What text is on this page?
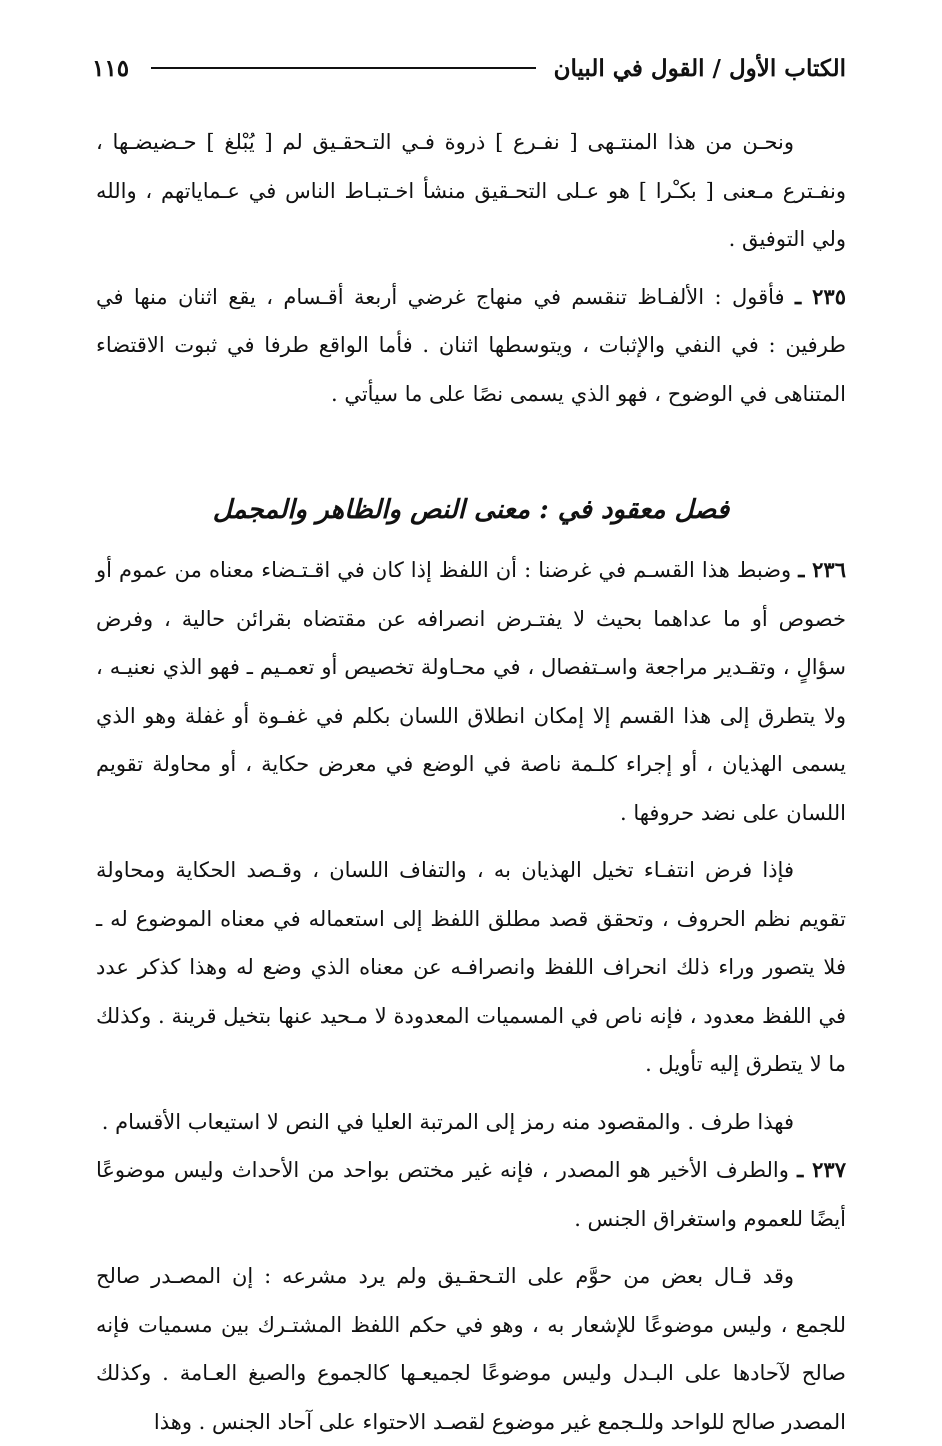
الكتاب الأول / القول في البيان
١١٥

ونحـن من هذا المنتـهى [ نفـرع ] ذروة فـي التـحقـيق لم [ يُبْلغ ] حـضيضـها ، ونفـترع مـعنى [ بكـْرا ] هو عـلى التحـقيق منشأ اخـتبـاط الناس في عـماياتهم ، والله ولي التوفيق .

٢٣٥ ـ فأقول : الألفـاظ تنقسم في منهاج غرضي أربعة أقـسام ، يقع اثنان منها في طرفين : في النفي والإثبات ، ويتوسطها اثنان . فأما الواقع طرفا في ثبوت الاقتضاء المتناهى في الوضوح ، فهو الذي يسمى نصًا على ما سيأتي .

فصل معقود في : معنى النص والظاهر والمجمل

٢٣٦ ـ وضبط هذا القسـم في غرضنا : أن اللفظ إذا كان في اقـتـضاء معناه من عموم أو خصوص أو ما عداهما بحيث لا يفتـرض انصرافه عن مقتضاه بقرائن حالية ، وفرض سؤالٍ ، وتقـدير مراجعة واسـتفصال ، في محـاولة تخصيص أو تعمـيم ـ فهو الذي نعنيـه ، ولا يتطرق إلى هذا القسم إلا إمكان انطلاق اللسان بكلم في غفـوة أو غفلة وهو الذي يسمى الهذيان ، أو إجراء كلـمة ناصة في الوضع في معرض حكاية ، أو محاولة تقويم اللسان على نضد حروفها .

فإذا فرض انتفـاء تخيل الهذيان به ، والتفاف اللسان ، وقـصد الحكاية ومحاولة تقويم نظم الحروف ، وتحقق قصد مطلق اللفظ إلى استعماله في معناه الموضوع له ـ فلا يتصور وراء ذلك انحراف اللفظ وانصرافـه عن معناه الذي وضع له وهذا كذكر عدد في اللفظ معدود ، فإنه ناص في المسميات المعدودة لا مـحيد عنها بتخيل قرينة . وكذلك ما لا يتطرق إليه تأويل .

فهذا طرف . والمقصود منه رمز إلى المرتبة العليا في النص لا استيعاب الأقسام .

٢٣٧ ـ والطرف الأخير هو المصدر ، فإنه غير مختص بواحد من الأحداث وليس موضوعًا أيضًا للعموم واستغراق الجنس .

وقد قـال بعض من حوَّم على التـحقـيق ولم يرد مشرعه : إن المصـدر صالح للجمع ، وليس موضوعًا للإشعار به ، وهو في حكم اللفظ المشتـرك بين مسميات فإنه صالح لآحادها على البـدل وليس موضوعًا لجميعـها كالجموع والصيغ العـامة . وكذلك المصدر صالح للواحد وللـجمع غير موضوع لقصـد الاحتواء على آحاد الجنس . وهذا
